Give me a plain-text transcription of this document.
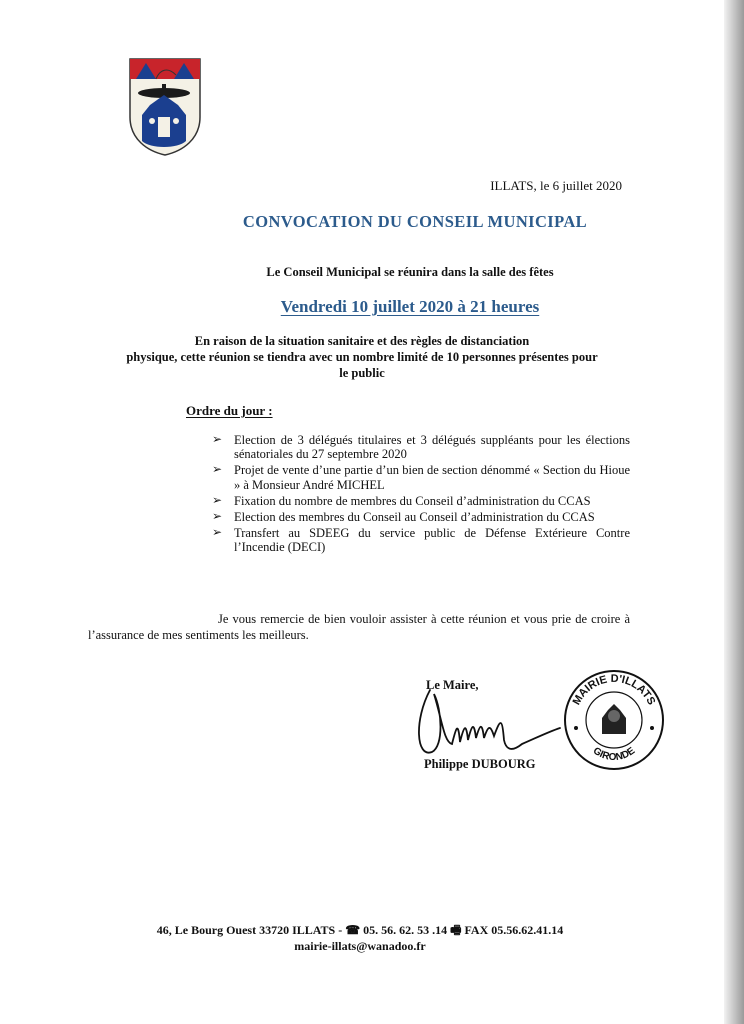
ILLATS, le 6 juillet 2020
CONVOCATION DU CONSEIL MUNICIPAL
Le Conseil Municipal se réunira dans la salle des fêtes
Vendredi 10 juillet 2020 à 21 heures
En raison de la situation sanitaire et des règles de distanciation
physique, cette réunion se tiendra avec un nombre limité de 10 personnes présentes pour
le public
Ordre du jour :
➢ Election de 3 délégués titulaires et 3 délégués suppléants pour les élections sénatoriales du 27 septembre 2020
➢ Projet de vente d’une partie d’un bien de section dénommé « Section du Hioue » à Monsieur André MICHEL
➢ Fixation du nombre de membres du Conseil d’administration du CCAS
➢ Election des membres du Conseil au Conseil d’administration du CCAS
➢ Transfert au SDEEG du service public de Défense Extérieure Contre l’Incendie (DECI)
Je vous remercie de bien vouloir assister à cette réunion et vous prie de croire à l’assurance de mes sentiments les meilleurs.
Le Maire,
Philippe DUBOURG
MAIRIE D'ILLATS
GIRONDE
46, Le Bourg Ouest 33720 ILLATS - ☎ 05. 56. 62. 53 .14 🖷 FAX 05.56.62.41.14
mairie-illats@wanadoo.fr
